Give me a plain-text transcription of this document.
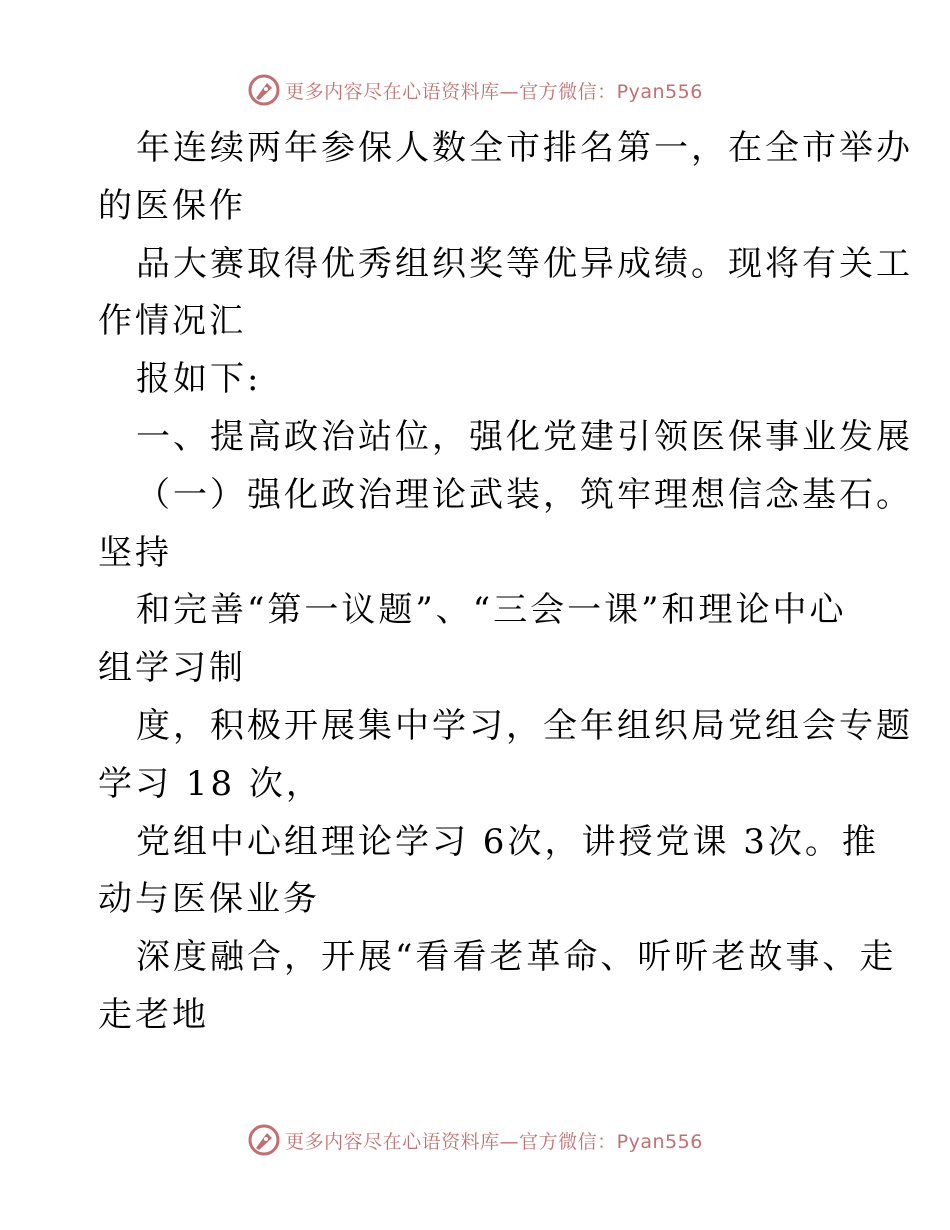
更多内容尽在心语资料库—官方微信：Pyan556
年连续两年参保人数全市排名第一，在全市举办
的医保作
品大赛取得优秀组织奖等优异成绩。现将有关工
作情况汇
报如下:
一、提高政治站位，强化党建引领医保事业发展
（一）强化政治理论武装，筑牢理想信念基石。
坚持
和完善“第一议题”、“三会一课”和理论中心
组学习制
度，积极开展集中学习，全年组织局党组会专题
学习 18 次，
党组中心组理论学习 6次，讲授党课 3次。推
动与医保业务
深度融合，开展“看看老革命、听听老故事、走
走老地
更多内容尽在心语资料库—官方微信：Pyan556
